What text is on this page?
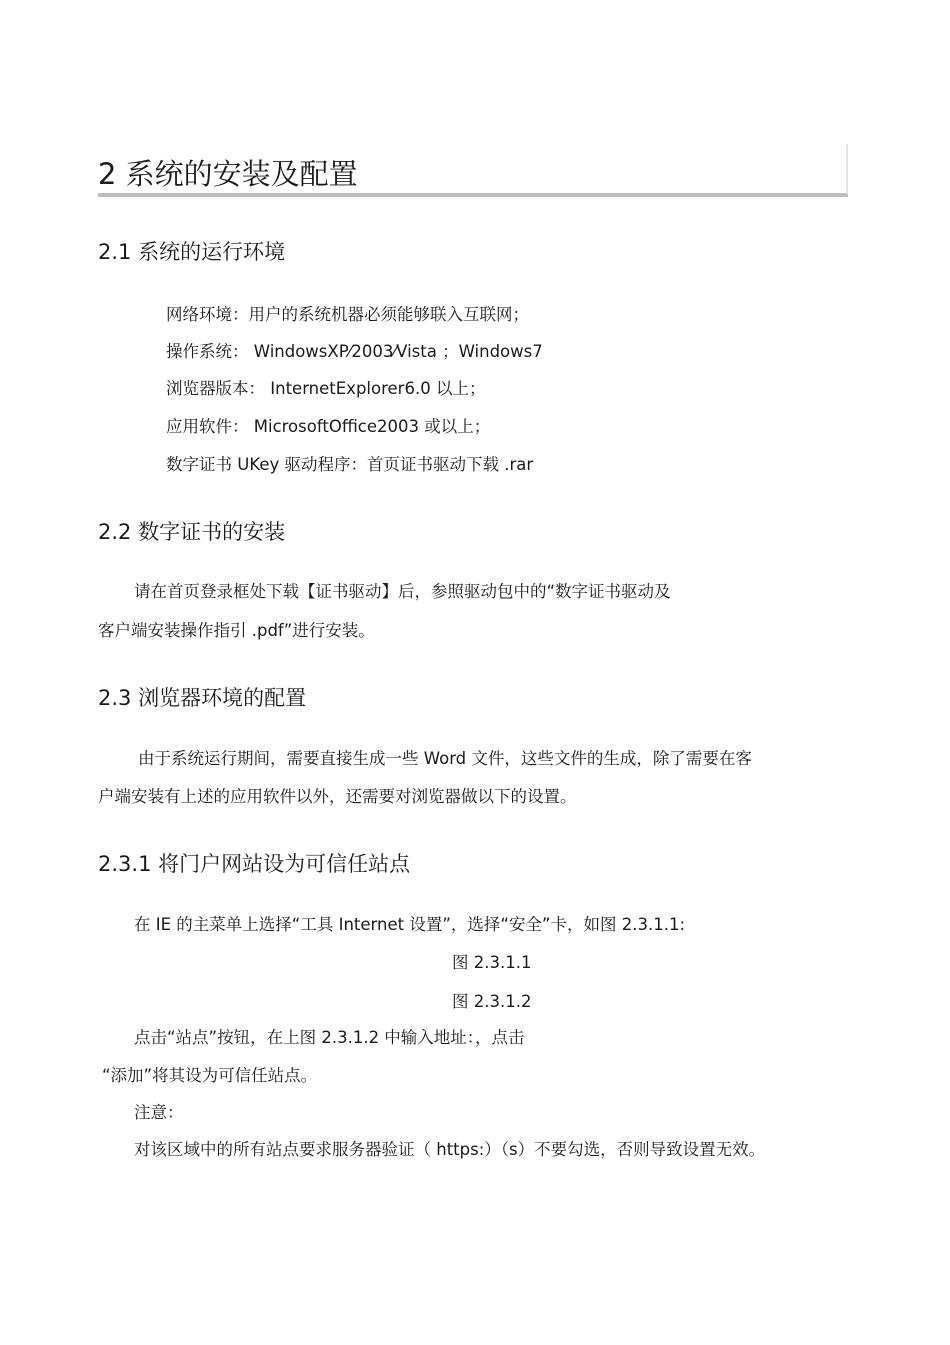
2 系统的安装及配置
2.1 系统的运行环境
网络环境：用户的系统机器必须能够联入互联网；
操作系统： WindowsXP⁄2003⁄Vista ；Windows7
浏览器版本： InternetExplorer6.0 以上；
应用软件： MicrosoftOffice2003 或以上；
数字证书 UKey 驱动程序：首页证书驱动下载 .rar
2.2 数字证书的安装
请在首页登录框处下载【证书驱动】后，参照驱动包中的“数字证书驱动及
客户端安装操作指引 .pdf”进行安装。
2.3 浏览器环境的配置
由于系统运行期间，需要直接生成一些 Word 文件，这些文件的生成，除了需要在客
户端安装有上述的应用软件以外，还需要对浏览器做以下的设置。
2.3.1 将门户网站设为可信任站点
在 IE 的主菜单上选择“工具 Internet 设置”，选择“安全”卡，如图 2.3.1.1:
图 2.3.1.1
图 2.3.1.2
点击“站点”按钮，在上图 2.3.1.2 中输入地址：，点击
“添加”将其设为可信任站点。
注意：
对该区域中的所有站点要求服务器验证（ https:）（s）不要勾选，否则导致设置无效。
